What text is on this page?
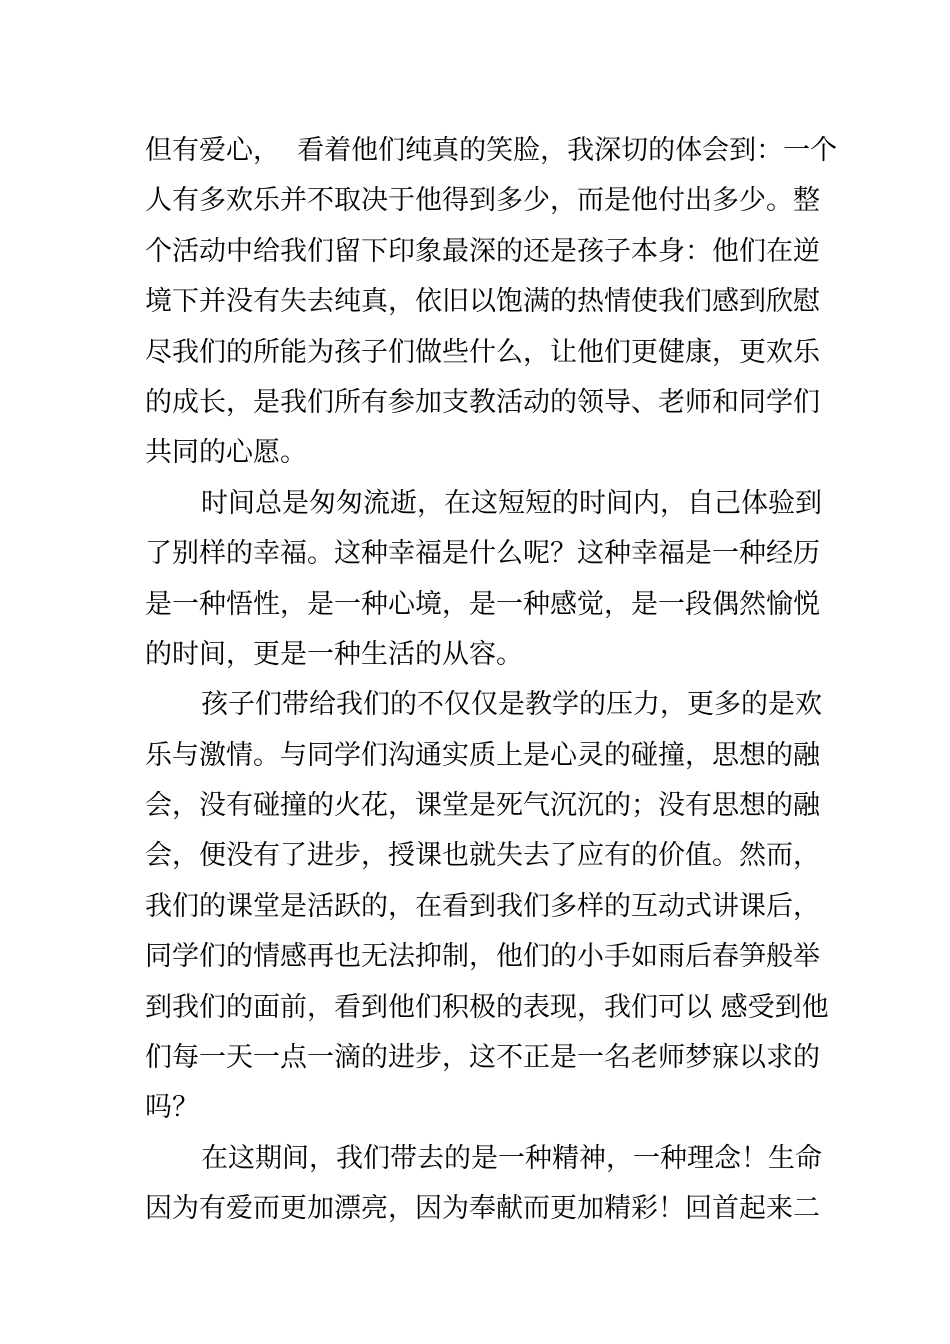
但有爱心，  看着他们纯真的笑脸，我深切的体会到：一个
人有多欢乐并不取决于他得到多少，而是他付出多少。整
个活动中给我们留下印象最深的还是孩子本身：他们在逆
境下并没有失去纯真，依旧以饱满的热情使我们感到欣慰
尽我们的所能为孩子们做些什么，让他们更健康，更欢乐
的成长，是我们所有参加支教活动的领导、老师和同学们
共同的心愿。
时间总是匆匆流逝，在这短短的时间内，自己体验到
了别样的幸福。这种幸福是什么呢？这种幸福是一种经历
是一种悟性，是一种心境，是一种感觉，是一段偶然愉悦
的时间，更是一种生活的从容。
孩子们带给我们的不仅仅是教学的压力，更多的是欢
乐与激情。与同学们沟通实质上是心灵的碰撞，思想的融
会，没有碰撞的火花，课堂是死气沉沉的；没有思想的融
会，便没有了进步，授课也就失去了应有的价值。然而，
我们的课堂是活跃的，在看到我们多样的互动式讲课后，
同学们的情感再也无法抑制，他们的小手如雨后春笋般举
到我们的面前，看到他们积极的表现，我们可以 感受到他
们每一天一点一滴的进步，这不正是一名老师梦寐以求的
吗？
在这期间，我们带去的是一种精神，一种理念！生命
因为有爱而更加漂亮，因为奉献而更加精彩！回首起来二
